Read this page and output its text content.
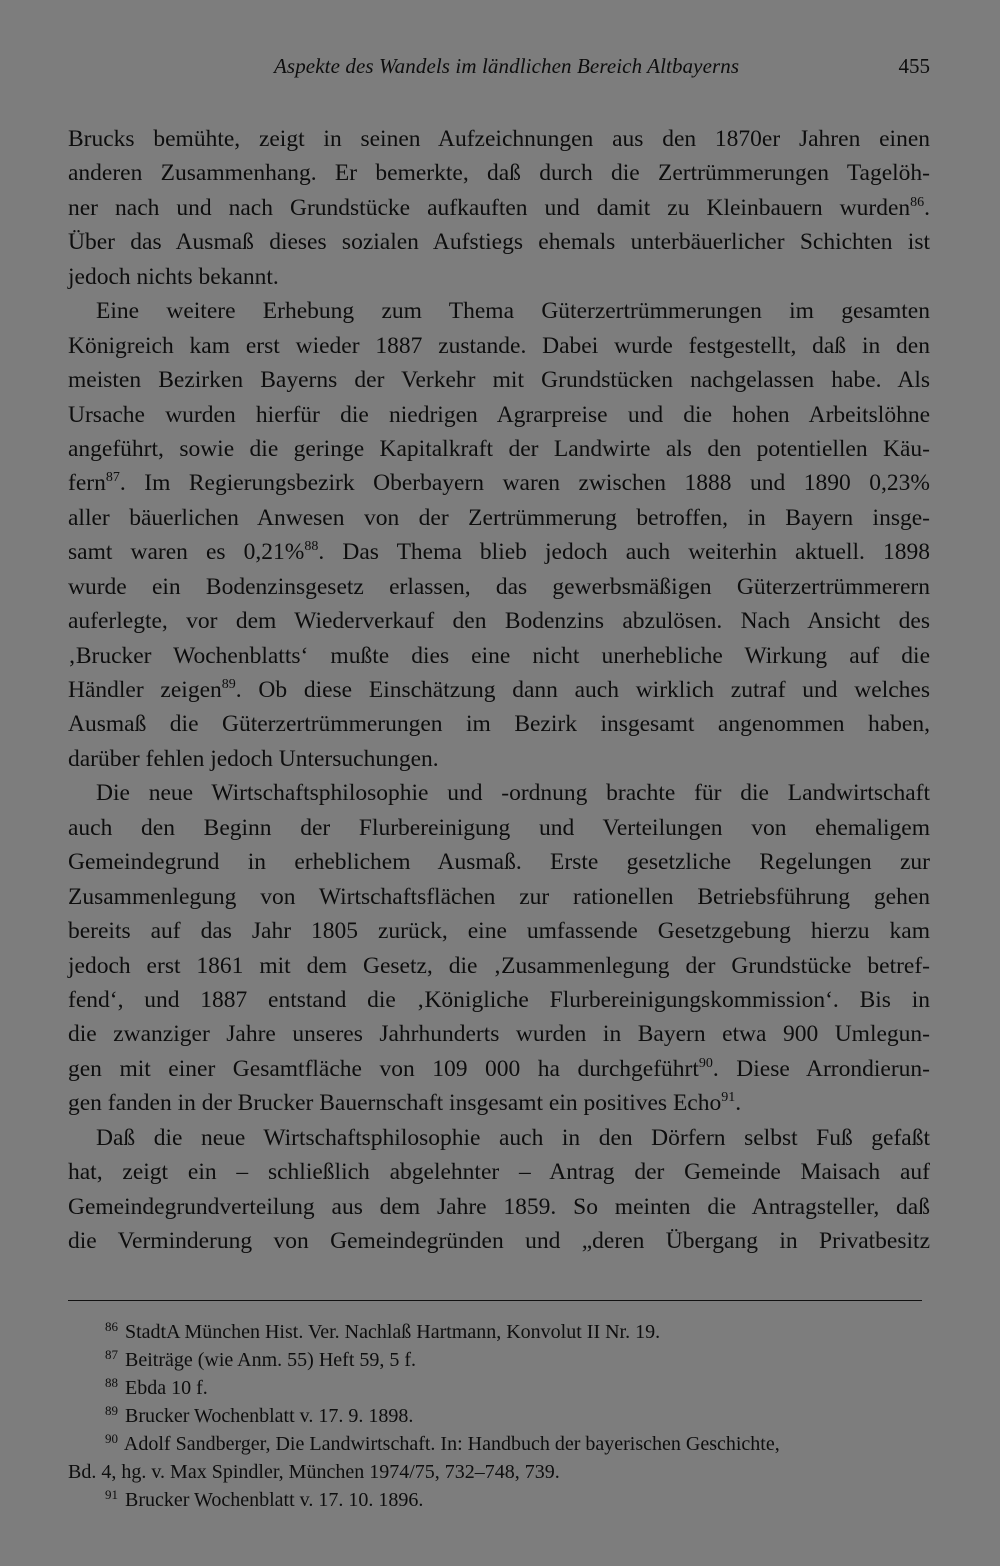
Aspekte des Wandels im ländlichen Bereich Altbayerns	455
Brucks bemühte, zeigt in seinen Aufzeichnungen aus den 1870er Jahren einen
anderen Zusammenhang. Er bemerkte, daß durch die Zertrümmerungen Tagelöh-
ner nach und nach Grundstücke aufkauften und damit zu Kleinbauern wurden$^{86}$.
Über das Ausmaß dieses sozialen Aufstiegs ehemals unterbäuerlicher Schichten ist
jedoch nichts bekannt.
Eine weitere Erhebung zum Thema Güterzertrümmerungen im gesamten
Königreich kam erst wieder 1887 zustande. Dabei wurde festgestellt, daß in den
meisten Bezirken Bayerns der Verkehr mit Grundstücken nachgelassen habe. Als
Ursache wurden hierfür die niedrigen Agrarpreise und die hohen Arbeitslöhne
angeführt, sowie die geringe Kapitalkraft der Landwirte als den potentiellen Käu-
fern$^{87}$. Im Regierungsbezirk Oberbayern waren zwischen 1888 und 1890 0,23%
aller bäuerlichen Anwesen von der Zertrümmerung betroffen, in Bayern insge-
samt waren es 0,21%$^{88}$. Das Thema blieb jedoch auch weiterhin aktuell. 1898
wurde ein Bodenzinsgesetz erlassen, das gewerbsmäßigen Güterzertrümmerern
auferlegte, vor dem Wiederverkauf den Bodenzins abzulösen. Nach Ansicht des
‚Brucker Wochenblatts‘ mußte dies eine nicht unerhebliche Wirkung auf die
Händler zeigen$^{89}$. Ob diese Einschätzung dann auch wirklich zutraf und welches
Ausmaß die Güterzertrümmerungen im Bezirk insgesamt angenommen haben,
darüber fehlen jedoch Untersuchungen.
Die neue Wirtschaftsphilosophie und -ordnung brachte für die Landwirtschaft
auch den Beginn der Flurbereinigung und Verteilungen von ehemaligem
Gemeindegrund in erheblichem Ausmaß. Erste gesetzliche Regelungen zur
Zusammenlegung von Wirtschaftsflächen zur rationellen Betriebsführung gehen
bereits auf das Jahr 1805 zurück, eine umfassende Gesetzgebung hierzu kam
jedoch erst 1861 mit dem Gesetz, die ‚Zusammenlegung der Grundstücke betref-
fend‘, und 1887 entstand die ‚Königliche Flurbereinigungskommission‘. Bis in
die zwanziger Jahre unseres Jahrhunderts wurden in Bayern etwa 900 Umlegun-
gen mit einer Gesamtfläche von 109 000 ha durchgeführt$^{90}$. Diese Arrondierun-
gen fanden in der Brucker Bauernschaft insgesamt ein positives Echo$^{91}$.
Daß die neue Wirtschaftsphilosophie auch in den Dörfern selbst Fuß gefaßt
hat, zeigt ein – schließlich abgelehnter – Antrag der Gemeinde Maisach auf
Gemeindegrundverteilung aus dem Jahre 1859. So meinten die Antragsteller, daß
die Verminderung von Gemeindegründen und „deren Übergang in Privatbesitz
86 StadtA München Hist. Ver. Nachlaß Hartmann, Konvolut II Nr. 19.
87 Beiträge (wie Anm. 55) Heft 59, 5 f.
88 Ebda 10 f.
89 Brucker Wochenblatt v. 17. 9. 1898.
90 Adolf Sandberger, Die Landwirtschaft. In: Handbuch der bayerischen Geschichte,
Bd. 4, hg. v. Max Spindler, München 1974/75, 732–748, 739.
91 Brucker Wochenblatt v. 17. 10. 1896.
